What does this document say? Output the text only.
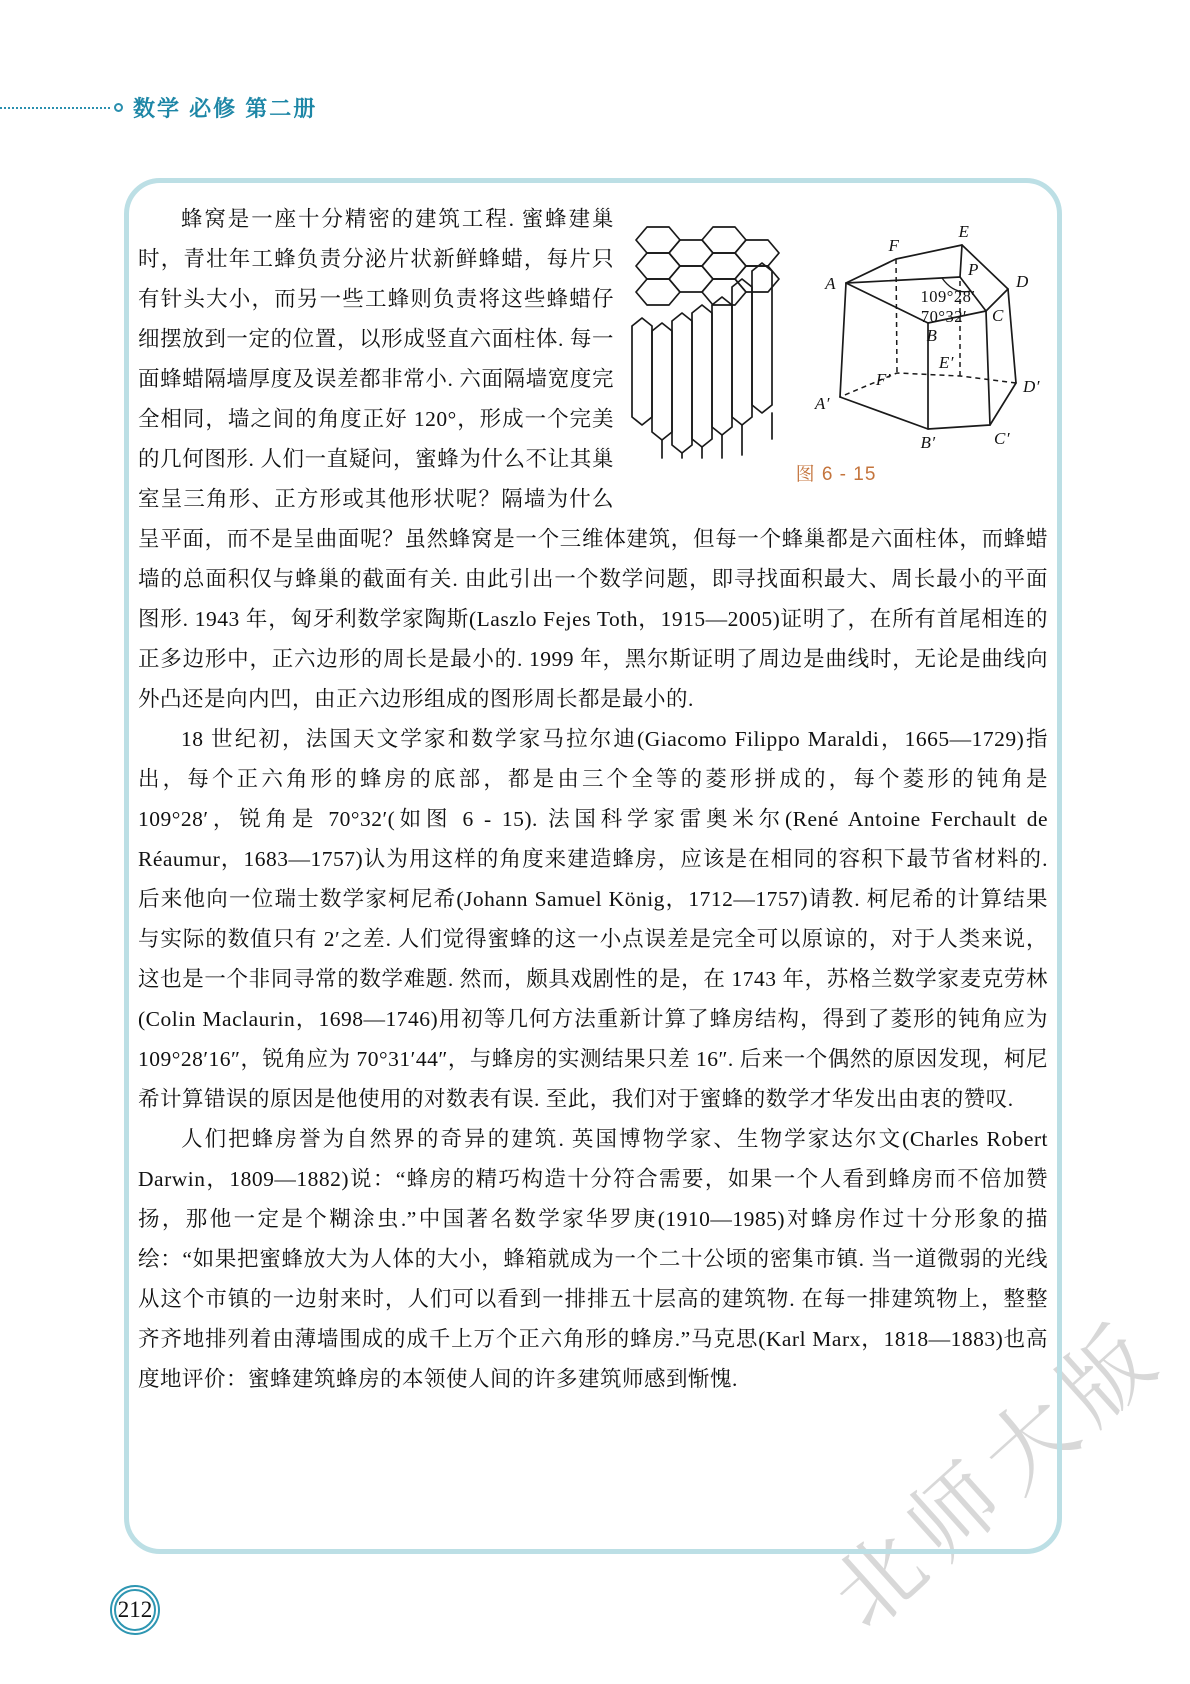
数学 必修 第二册
北师大版

A
F
E
P
D
C
B
A′
B′	C′
D′
E′
F′
109°28′
70°32′
图 6 - 15
蜂窝是一座十分精密的建筑工程. 蜜蜂建巢时，青壮年工蜂负责分泌片状新鲜蜂蜡，每片只有针头大小，而另一些工蜂则负责将这些蜂蜡仔细摆放到一定的位置，以形成竖直六面柱体. 每一面蜂蜡隔墙厚度及误差都非常小. 六面隔墙宽度完全相同，墙之间的角度正好 120°，形成一个完美的几何图形. 人们一直疑问，蜜蜂为什么不让其巢室呈三角形、正方形或其他形状呢？隔墙为什么呈平面，而不是呈曲面呢？虽然蜂窝是一个三维体建筑，但每一个蜂巢都是六面柱体，而蜂蜡墙的总面积仅与蜂巢的截面有关. 由此引出一个数学问题，即寻找面积最大、周长最小的平面图形. 1943 年，匈牙利数学家陶斯(Laszlo Fejes Toth，1915—2005)证明了，在所有首尾相连的正多边形中，正六边形的周长是最小的. 1999 年，黑尔斯证明了周边是曲线时，无论是曲线向外凸还是向内凹，由正六边形组成的图形周长都是最小的.

18 世纪初，法国天文学家和数学家马拉尔迪(Giacomo Filippo Maraldi，1665—1729)指出，每个正六角形的蜂房的底部，都是由三个全等的菱形拼成的，每个菱形的钝角是 109°28′，锐角是 70°32′(如图 6 - 15). 法国科学家雷奥米尔(René Antoine Ferchault de Réaumur，1683—1757)认为用这样的角度来建造蜂房，应该是在相同的容积下最节省材料的. 后来他向一位瑞士数学家柯尼希(Johann Samuel König，1712—1757)请教. 柯尼希的计算结果与实际的数值只有 2′之差. 人们觉得蜜蜂的这一小点误差是完全可以原谅的，对于人类来说，这也是一个非同寻常的数学难题. 然而，颇具戏剧性的是，在 1743 年，苏格兰数学家麦克劳林(Colin Maclaurin，1698—1746)用初等几何方法重新计算了蜂房结构，得到了菱形的钝角应为 109°28′16″，锐角应为 70°31′44″，与蜂房的实测结果只差 16″. 后来一个偶然的原因发现，柯尼希计算错误的原因是他使用的对数表有误. 至此，我们对于蜜蜂的数学才华发出由衷的赞叹.

人们把蜂房誉为自然界的奇异的建筑. 英国博物学家、生物学家达尔文(Charles Robert Darwin，1809—1882)说：“蜂房的精巧构造十分符合需要，如果一个人看到蜂房而不倍加赞扬，那他一定是个糊涂虫.”中国著名数学家华罗庚(1910—1985)对蜂房作过十分形象的描绘：“如果把蜜蜂放大为人体的大小，蜂箱就成为一个二十公顷的密集市镇. 当一道微弱的光线从这个市镇的一边射来时，人们可以看到一排排五十层高的建筑物. 在每一排建筑物上，整整齐齐地排列着由薄墙围成的成千上万个正六角形的蜂房.”马克思(Karl Marx，1818—1883)也高度地评价：蜜蜂建筑蜂房的本领使人间的许多建筑师感到惭愧.

212
